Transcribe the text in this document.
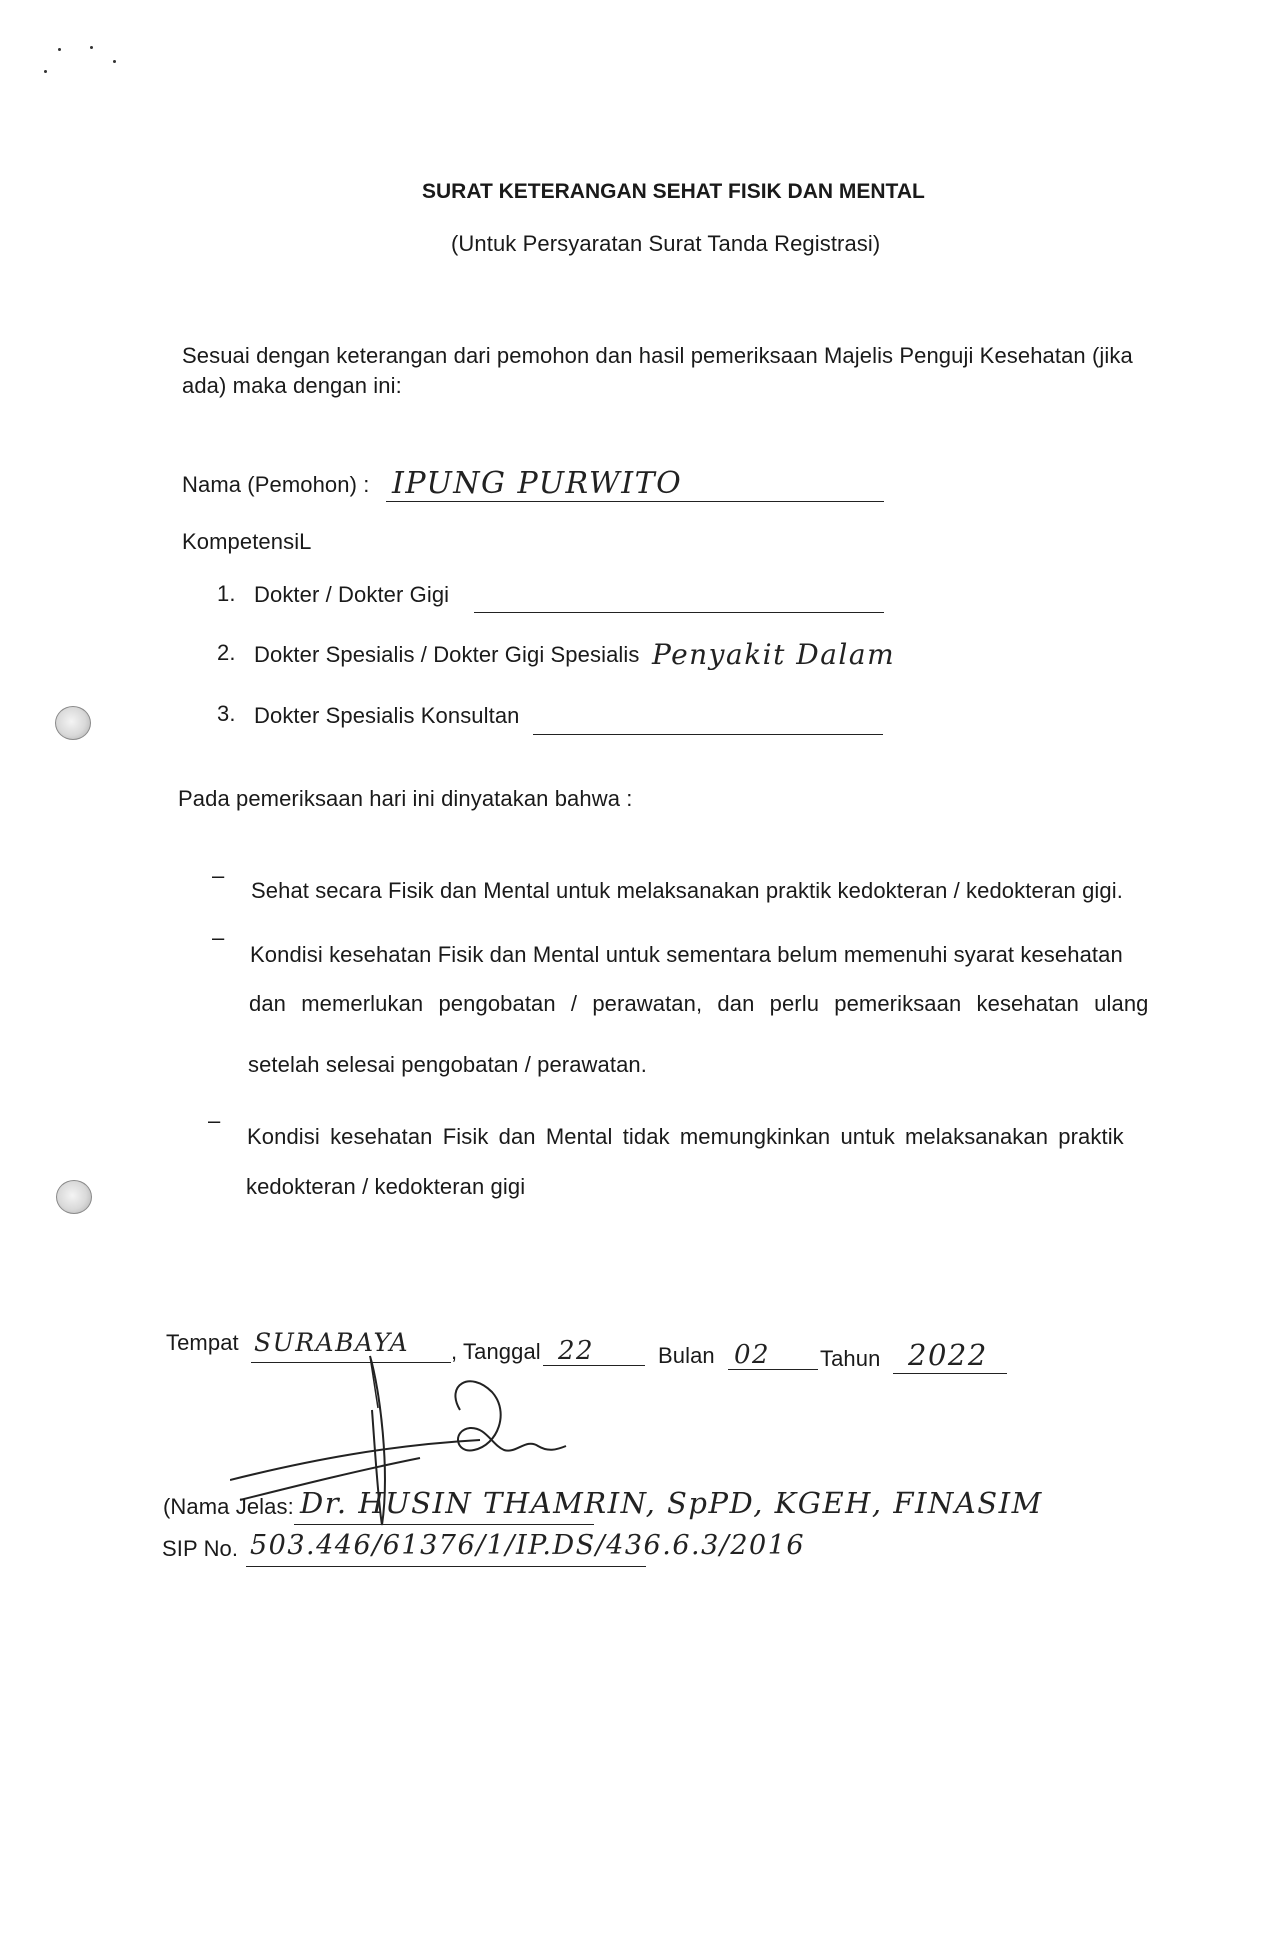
SURAT KETERANGAN SEHAT FISIK DAN MENTAL
(Untuk Persyaratan Surat Tanda Registrasi)
Sesuai dengan keterangan dari pemohon dan hasil pemeriksaan Majelis Penguji Kesehatan (jika
ada) maka dengan ini:
Nama (Pemohon) : IPUNG PURWITO
KompetensiL
1. Dokter / Dokter Gigi
2. Dokter Spesialis / Dokter Gigi Spesialis Penyakit Dalam
3. Dokter Spesialis Konsultan
Pada pemeriksaan hari ini dinyatakan bahwa :
–
Sehat secara Fisik dan Mental untuk melaksanakan praktik kedokteran / kedokteran gigi.
–
Kondisi kesehatan Fisik dan Mental untuk sementara belum memenuhi syarat kesehatan
dan memerlukan pengobatan / perawatan, dan perlu pemeriksaan kesehatan ulang
setelah selesai pengobatan / perawatan.
–
Kondisi kesehatan Fisik dan Mental tidak memungkinkan untuk melaksanakan praktik
kedokteran / kedokteran gigi
Tempat SURABAYA , Tanggal 22	Bulan 02 Tahun 2022
(Nama Jelas: Dr. HUSIN THAMRIN, SpPD, KGEH, FINASIM
SIP No. 503.446/61376/1/IP.DS/436.6.3/2016
